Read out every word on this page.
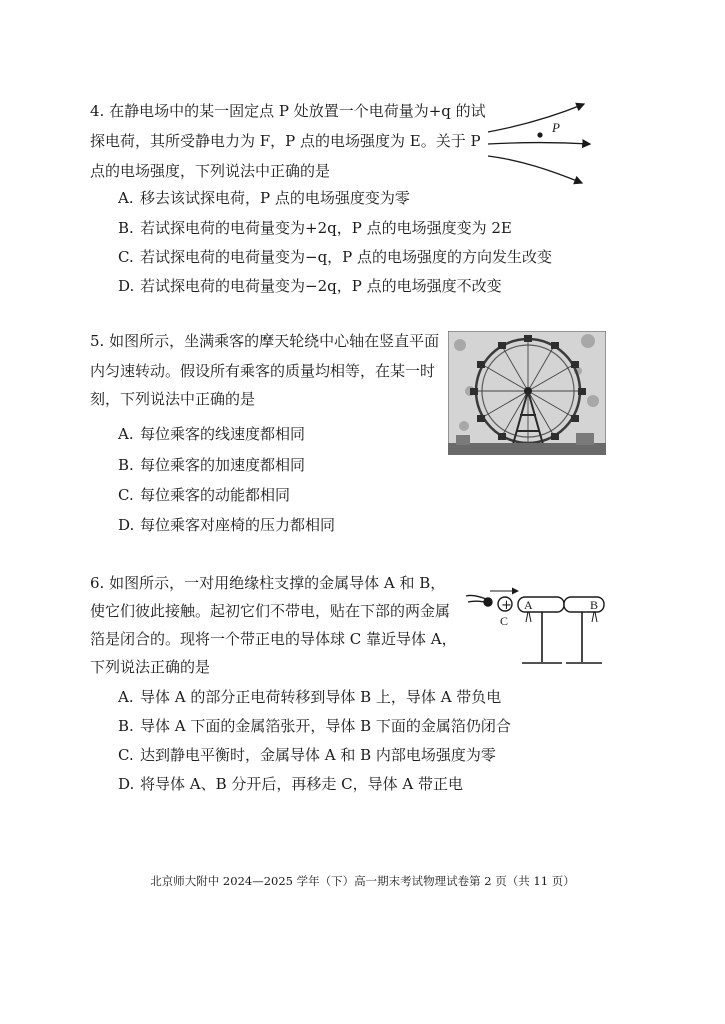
4. 在静电场中的某一固定点 P 处放置一个电荷量为+q 的试
探电荷，其所受静电力为 F，P 点的电场强度为 E。关于 P
点的电场强度，下列说法中正确的是
A. 移去该试探电荷，P 点的电场强度变为零
B. 若试探电荷的电荷量变为+2q，P 点的电场强度变为 2E
C. 若试探电荷的电荷量变为−q，P 点的电场强度的方向发生改变
D. 若试探电荷的电荷量变为−2q，P 点的电场强度不改变
P
5. 如图所示，坐满乘客的摩天轮绕中心轴在竖直平面
内匀速转动。假设所有乘客的质量均相等，在某一时
刻，下列说法中正确的是
A. 每位乘客的线速度都相同
B. 每位乘客的加速度都相同
C. 每位乘客的动能都相同
D. 每位乘客对座椅的压力都相同
6. 如图所示，一对用绝缘柱支撑的金属导体 A 和 B，
使它们彼此接触。起初它们不带电，贴在下部的两金属
箔是闭合的。现将一个带正电的导体球 C 靠近导体 A，
下列说法正确的是
A. 导体 A 的部分正电荷转移到导体 B 上，导体 A 带负电
B. 导体 A 下面的金属箔张开，导体 B 下面的金属箔仍闭合
C. 达到静电平衡时，金属导体 A 和 B 内部电场强度为零
D. 将导体 A、B 分开后，再移走 C，导体 A 带正电
+
C
A	B
北京师大附中 2024—2025 学年（下）高一期末考试物理试卷第 2 页（共 11 页）
